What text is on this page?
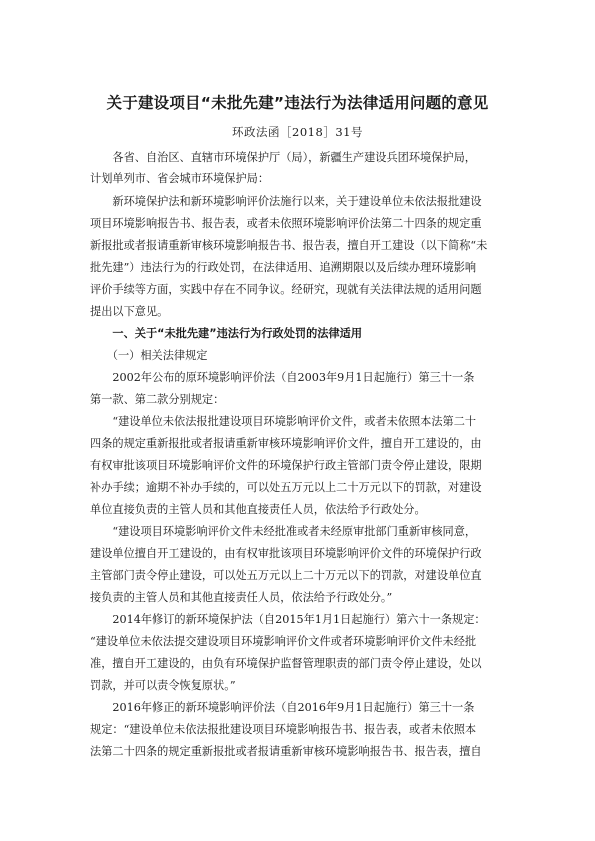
关于建设项目“未批先建”违法行为法律适用问题的意见
环政法函［2018］31号
　　各省、自治区、直辖市环境保护厅（局），新疆生产建设兵团环境保护局，
计划单列市、省会城市环境保护局：
　　新环境保护法和新环境影响评价法施行以来，关于建设单位未依法报批建设
项目环境影响报告书、报告表，或者未依照环境影响评价法第二十四条的规定重
新报批或者报请重新审核环境影响报告书、报告表，擅自开工建设（以下简称“未
批先建”）违法行为的行政处罚，在法律适用、追溯期限以及后续办理环境影响
评价手续等方面，实践中存在不同争议。经研究，现就有关法律法规的适用问题
提出以下意见。
　　一、关于“未批先建”违法行为行政处罚的法律适用
　　（一）相关法律规定
　　2002年公布的原环境影响评价法（自2003年9月1日起施行）第三十一条
第一款、第二款分别规定：
　　“建设单位未依法报批建设项目环境影响评价文件，或者未依照本法第二十
四条的规定重新报批或者报请重新审核环境影响评价文件，擅自开工建设的，由
有权审批该项目环境影响评价文件的环境保护行政主管部门责令停止建设，限期
补办手续；逾期不补办手续的，可以处五万元以上二十万元以下的罚款，对建设
单位直接负责的主管人员和其他直接责任人员，依法给予行政处分。
　　“建设项目环境影响评价文件未经批准或者未经原审批部门重新审核同意，
建设单位擅自开工建设的，由有权审批该项目环境影响评价文件的环境保护行政
主管部门责令停止建设，可以处五万元以上二十万元以下的罚款，对建设单位直
接负责的主管人员和其他直接责任人员，依法给予行政处分。”
　　2014年修订的新环境保护法（自2015年1月1日起施行）第六十一条规定：
“建设单位未依法提交建设项目环境影响评价文件或者环境影响评价文件未经批
准，擅自开工建设的，由负有环境保护监督管理职责的部门责令停止建设，处以
罚款，并可以责令恢复原状。”
　　2016年修正的新环境影响评价法（自2016年9月1日起施行）第三十一条
规定：“建设单位未依法报批建设项目环境影响报告书、报告表，或者未依照本
法第二十四条的规定重新报批或者报请重新审核环境影响报告书、报告表，擅自
